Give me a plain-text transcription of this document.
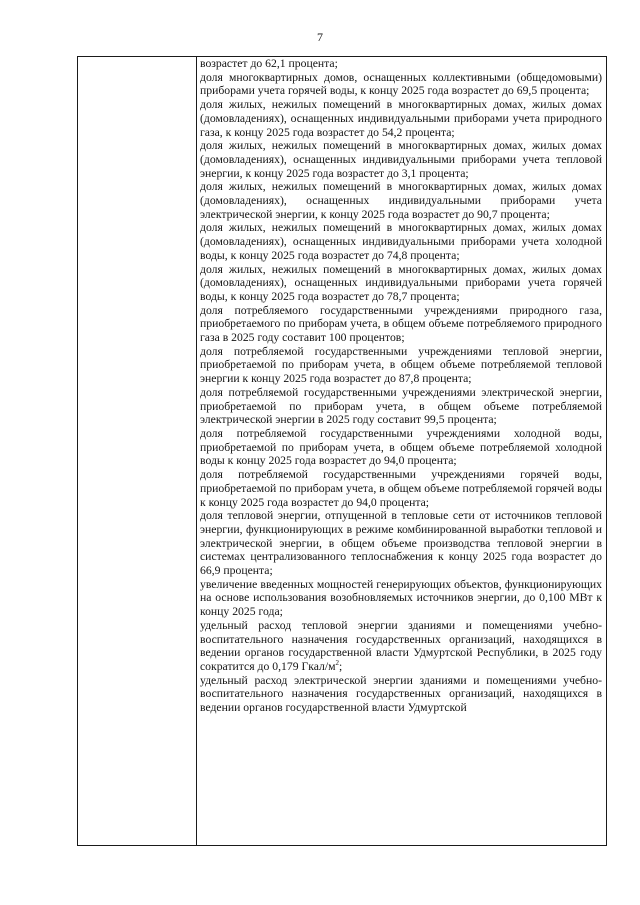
7

возрастет до 62,1 процента;

доля многоквартирных домов, оснащенных коллективными (общедомовыми) приборами учета горячей воды, к концу 2025 года возрастет до 69,5 процента;

доля жилых, нежилых помещений в многоквартирных домах, жилых домах (домовладениях), оснащенных индивидуальными приборами учета природного газа, к концу 2025 года возрастет до 54,2 процента;

доля жилых, нежилых помещений в многоквартирных домах, жилых домах (домовладениях), оснащенных индивидуальными приборами учета тепловой энергии, к концу 2025 года возрастет до 3,1 процента;

доля жилых, нежилых помещений в многоквартирных домах, жилых домах (домовладениях), оснащенных индивидуальными приборами учета электрической энергии, к концу 2025 года возрастет до 90,7 процента;

доля жилых, нежилых помещений в многоквартирных домах, жилых домах (домовладениях), оснащенных индивидуальными приборами учета холодной воды, к концу 2025 года возрастет до 74,8 процента;

доля жилых, нежилых помещений в многоквартирных домах, жилых домах (домовладениях), оснащенных индивидуальными приборами учета горячей воды, к концу 2025 года возрастет до 78,7 процента;

доля потребляемого государственными учреждениями природного газа, приобретаемого по приборам учета, в общем объеме потребляемого природного газа в 2025 году составит 100 процентов;

доля потребляемой государственными учреждениями тепловой энергии, приобретаемой по приборам учета, в общем объеме потребляемой тепловой энергии к концу 2025 года возрастет до 87,8 процента;

доля потребляемой государственными учреждениями электрической энергии, приобретаемой по приборам учета, в общем объеме потребляемой электрической энергии в 2025 году составит 99,5 процента;

доля потребляемой государственными учреждениями холодной воды, приобретаемой по приборам учета, в общем объеме потребляемой холодной воды к концу 2025 года возрастет до 94,0 процента;

доля потребляемой государственными учреждениями горячей воды, приобретаемой по приборам учета, в общем объеме потребляемой горячей воды к концу 2025 года возрастет до 94,0 процента;

доля тепловой энергии, отпущенной в тепловые сети от источников тепловой энергии, функционирующих в режиме комбинированной выработки тепловой и электрической энергии, в общем объеме производства тепловой энергии в системах централизованного теплоснабжения к концу 2025 года возрастет до 66,9 процента;

увеличение введенных мощностей генерирующих объектов, функционирующих на основе использования возобновляемых источников энергии, до 0,100 МВт к концу 2025 года;

удельный расход тепловой энергии зданиями и помещениями учебно-воспитательного назначения государственных организаций, находящихся в ведении органов государственной власти Удмуртской Республики, в 2025 году сократится до 0,179 Гкал/$м^2$;

удельный расход электрической энергии зданиями и помещениями учебно-воспитательного назначения государственных организаций, находящихся в ведении органов государственной власти Удмуртской
